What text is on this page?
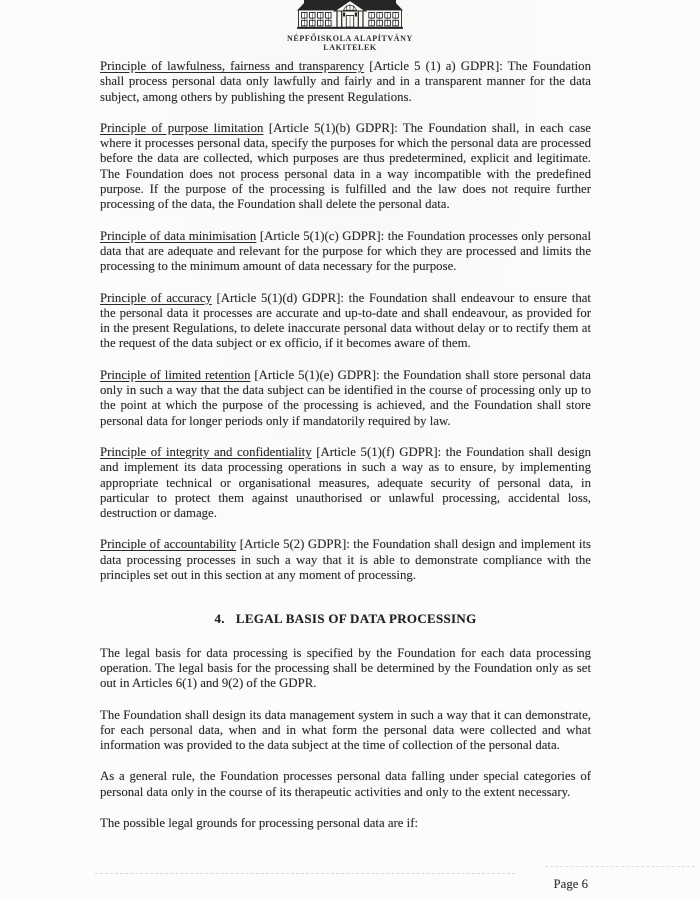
NÉPFŐISKOLA ALAPÍTVÁNY
LAKITELEK

Principle of lawfulness, fairness and transparency [Article 5 (1) a) GDPR]: The Foundation shall process personal data only lawfully and fairly and in a transparent manner for the data subject, among others by publishing the present Regulations.

Principle of purpose limitation [Article 5(1)(b) GDPR]: The Foundation shall, in each case where it processes personal data, specify the purposes for which the personal data are processed before the data are collected, which purposes are thus predetermined, explicit and legitimate. The Foundation does not process personal data in a way incompatible with the predefined purpose. If the purpose of the processing is fulfilled and the law does not require further processing of the data, the Foundation shall delete the personal data.

Principle of data minimisation [Article 5(1)(c) GDPR]: the Foundation processes only personal data that are adequate and relevant for the purpose for which they are processed and limits the processing to the minimum amount of data necessary for the purpose.

Principle of accuracy [Article 5(1)(d) GDPR]: the Foundation shall endeavour to ensure that the personal data it processes are accurate and up-to-date and shall endeavour, as provided for in the present Regulations, to delete inaccurate personal data without delay or to rectify them at the request of the data subject or ex officio, if it becomes aware of them.

Principle of limited retention [Article 5(1)(e) GDPR]: the Foundation shall store personal data only in such a way that the data subject can be identified in the course of processing only up to the point at which the purpose of the processing is achieved, and the Foundation shall store personal data for longer periods only if mandatorily required by law.

Principle of integrity and confidentiality [Article 5(1)(f) GDPR]: the Foundation shall design and implement its data processing operations in such a way as to ensure, by implementing appropriate technical or organisational measures, adequate security of personal data, in particular to protect them against unauthorised or unlawful processing, accidental loss, destruction or damage.

Principle of accountability [Article 5(2) GDPR]: the Foundation shall design and implement its data processing processes in such a way that it is able to demonstrate compliance with the principles set out in this section at any moment of processing.

4. LEGAL BASIS OF DATA PROCESSING

The legal basis for data processing is specified by the Foundation for each data processing operation. The legal basis for the processing shall be determined by the Foundation only as set out in Articles 6(1) and 9(2) of the GDPR.

The Foundation shall design its data management system in such a way that it can demonstrate, for each personal data, when and in what form the personal data were collected and what information was provided to the data subject at the time of collection of the personal data.

As a general rule, the Foundation processes personal data falling under special categories of personal data only in the course of its therapeutic activities and only to the extent necessary.

The possible legal grounds for processing personal data are if:

Page 6
